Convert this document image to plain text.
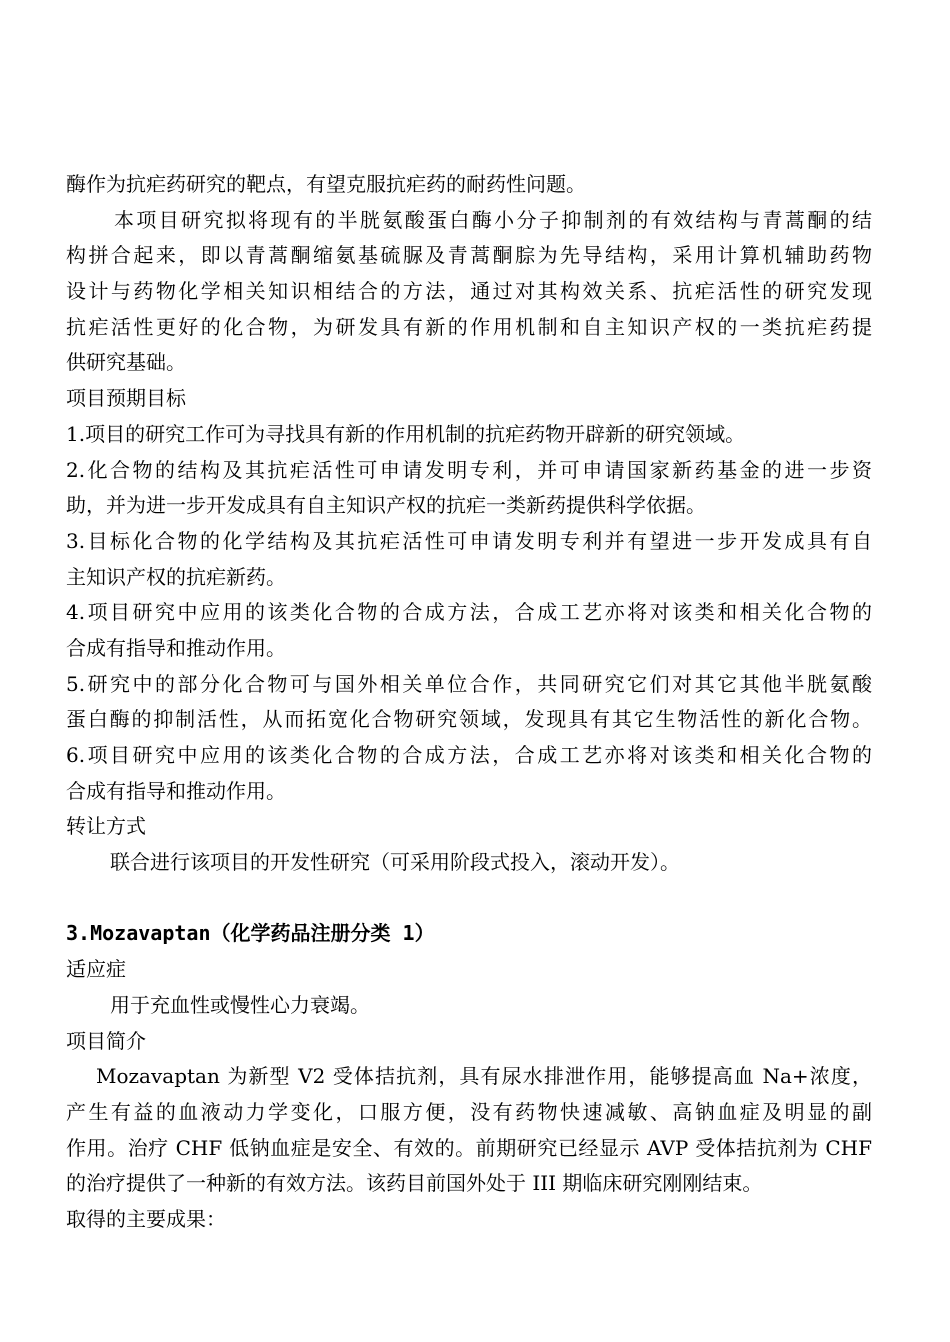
酶作为抗疟药研究的靶点，有望克服抗疟药的耐药性问题。
本项目研究拟将现有的半胱氨酸蛋白酶小分子抑制剂的有效结构与青蒿酮的结
构拼合起来，即以青蒿酮缩氨基硫脲及青蒿酮腙为先导结构，采用计算机辅助药物
设计与药物化学相关知识相结合的方法，通过对其构效关系、抗疟活性的研究发现
抗疟活性更好的化合物，为研发具有新的作用机制和自主知识产权的一类抗疟药提
供研究基础。
项目预期目标
1.项目的研究工作可为寻找具有新的作用机制的抗疟药物开辟新的研究领域。
2.化合物的结构及其抗疟活性可申请发明专利，并可申请国家新药基金的进一步资
助，并为进一步开发成具有自主知识产权的抗疟一类新药提供科学依据。
3.目标化合物的化学结构及其抗疟活性可申请发明专利并有望进一步开发成具有自
主知识产权的抗疟新药。
4.项目研究中应用的该类化合物的合成方法，合成工艺亦将对该类和相关化合物的
合成有指导和推动作用。
5.研究中的部分化合物可与国外相关单位合作，共同研究它们对其它其他半胱氨酸
蛋白酶的抑制活性，从而拓宽化合物研究领域，发现具有其它生物活性的新化合物。
6.项目研究中应用的该类化合物的合成方法，合成工艺亦将对该类和相关化合物的
合成有指导和推动作用。
转让方式
联合进行该项目的开发性研究（可采用阶段式投入，滚动开发）。
3.Mozavaptan（化学药品注册分类 1）
适应症
用于充血性或慢性心力衰竭。
项目简介
Mozavaptan 为新型 V2 受体拮抗剂，具有尿水排泄作用，能够提高血 Na+浓度，
产生有益的血液动力学变化，口服方便，没有药物快速减敏、高钠血症及明显的副
作用。治疗 CHF 低钠血症是安全、有效的。前期研究已经显示 AVP 受体拮抗剂为 CHF
的治疗提供了一种新的有效方法。该药目前国外处于 III 期临床研究刚刚结束。
取得的主要成果：
